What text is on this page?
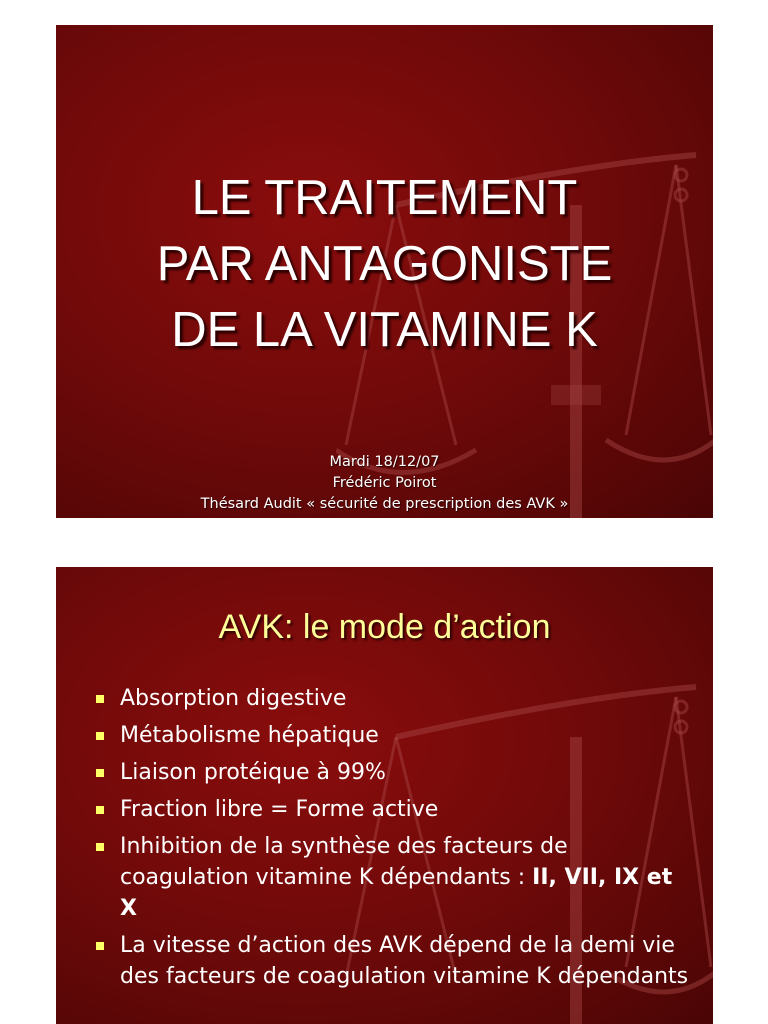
LE TRAITEMENT
PAR ANTAGONISTE
DE LA VITAMINE K
Mardi 18/12/07
Frédéric Poirot
Thésard Audit « sécurité de prescription des AVK »
AVK: le mode d’action
Absorption digestive
Métabolisme hépatique
Liaison protéique à 99%
Fraction libre = Forme active
Inhibition de la synthèse des facteurs de coagulation vitamine K dépendants : II, VII, IX et X
La vitesse d’action des AVK dépend de la demi vie des facteurs de coagulation vitamine K dépendants
